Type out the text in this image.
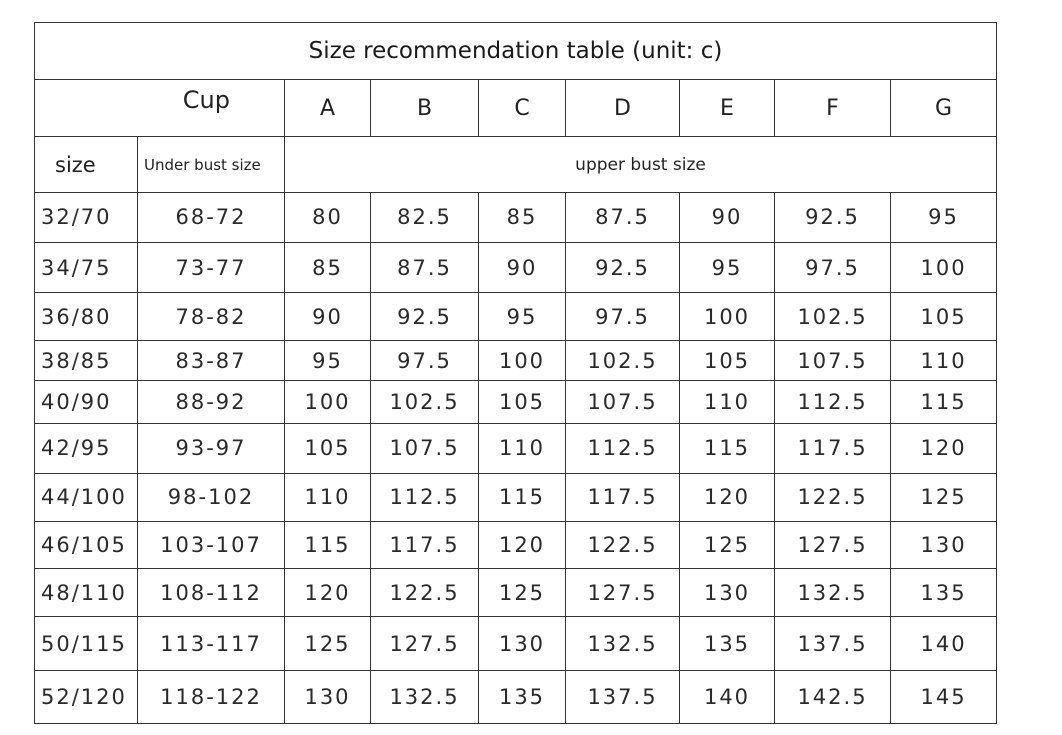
Size recommendation table (unit: c)								
Cup		A	B	C	D	E	F	G
size	Under bust size	upper bust size						
32/70	68-72	80	82.5	85	87.5	90	92.5	95
34/75	73-77	85	87.5	90	92.5	95	97.5	100
36/80	78-82	90	92.5	95	97.5	100	102.5	105
38/85	83-87	95	97.5	100	102.5	105	107.5	110
40/90	88-92	100	102.5	105	107.5	110	112.5	115
42/95	93-97	105	107.5	110	112.5	115	117.5	120
44/100	98-102	110	112.5	115	117.5	120	122.5	125
46/105	103-107	115	117.5	120	122.5	125	127.5	130
48/110	108-112	120	122.5	125	127.5	130	132.5	135
50/115	113-117	125	127.5	130	132.5	135	137.5	140
52/120	118-122	130	132.5	135	137.5	140	142.5	145
